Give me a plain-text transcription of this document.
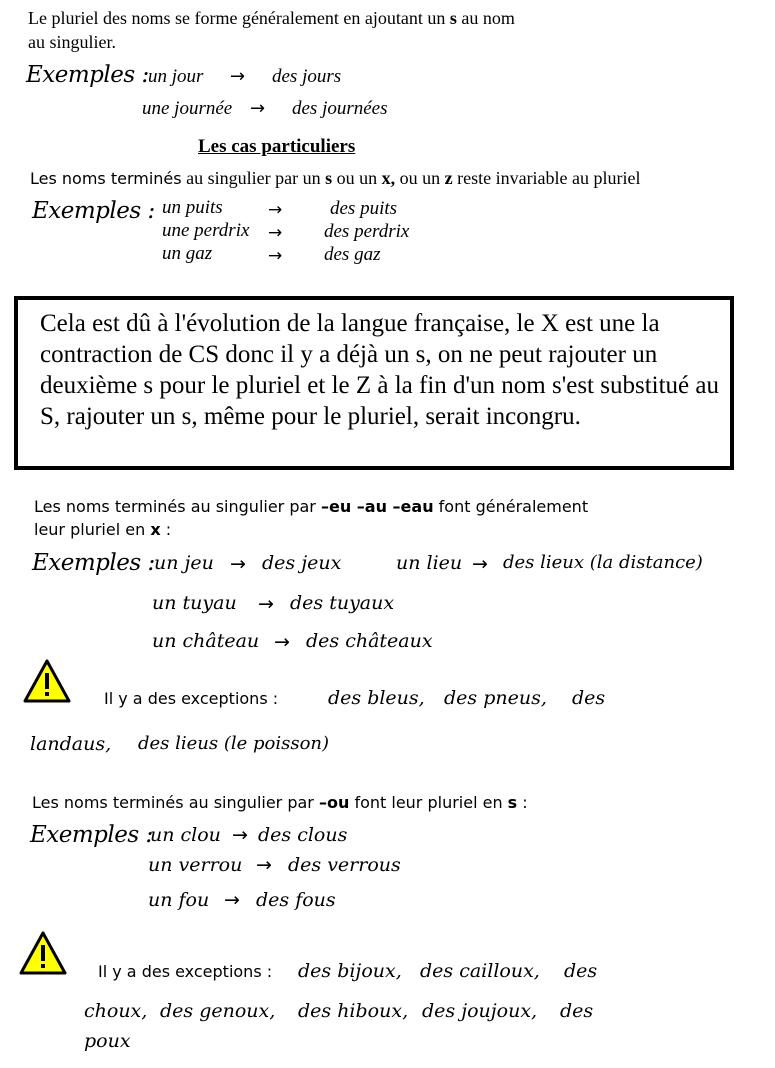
Le pluriel des noms se forme généralement en ajoutant un s au nom
au singulier.
Exemples : un jour → des jours
une journée → des journées
Les cas particuliers
Les noms terminés au singulier par un s ou un x, ou un z reste invariable au pluriel
Exemples : un puits	→	des puits
une perdrix → des perdrix
un gaz	→ des gaz
Cela est dû à l'évolution de la langue française, le X est une la contraction de CS donc il y a déjà un s, on ne peut rajouter un deuxième s pour le pluriel et le Z à la fin d'un nom s'est substitué au S, rajouter un s, même pour le pluriel, serait incongru.
Les noms terminés au singulier par –eu –au –eau font généralement
leur pluriel en x :
Exemples : un jeu → des jeux	un lieu → des lieux (la distance)
un tuyau → des tuyaux
un château → des châteaux
Il y a des exceptions :	des bleus, des pneus, des
landaus, des lieus (le poisson)
Les noms terminés au singulier par –ou font leur pluriel en s :
Exemples :
un clou → des clous
un verrou → des verrous
un fou → des fous
Il y a des exceptions : des bijoux, des cailloux, des
choux, des genoux, des hiboux, des joujoux, des
poux
